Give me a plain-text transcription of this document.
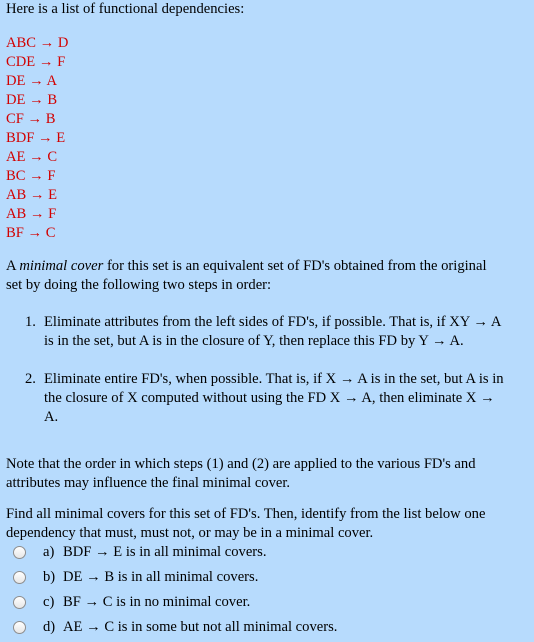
Here is a list of functional dependencies:

ABC → D
CDE → F
DE → A
DE → B
CF → B
BDF → E
AE → C
BC → F
AB → E
AB → F
BF → C

A minimal cover for this set is an equivalent set of FD's obtained from the original set by doing the following two steps in order:

1. Eliminate attributes from the left sides of FD's, if possible. That is, if XY → A is in the set, but A is in the closure of Y, then replace this FD by Y → A.
2. Eliminate entire FD's, when possible. That is, if X → A is in the set, but A is in the closure of X computed without using the FD X → A, then eliminate X → A.

Note that the order in which steps (1) and (2) are applied to the various FD's and attributes may influence the final minimal cover.

Find all minimal covers for this set of FD's. Then, identify from the list below one dependency that must, must not, or may be in a minimal cover.

a) BDF → E is in all minimal covers.
b) DE → B is in all minimal covers.
c) BF → C is in no minimal cover.
d) AE → C is in some but not all minimal covers.
